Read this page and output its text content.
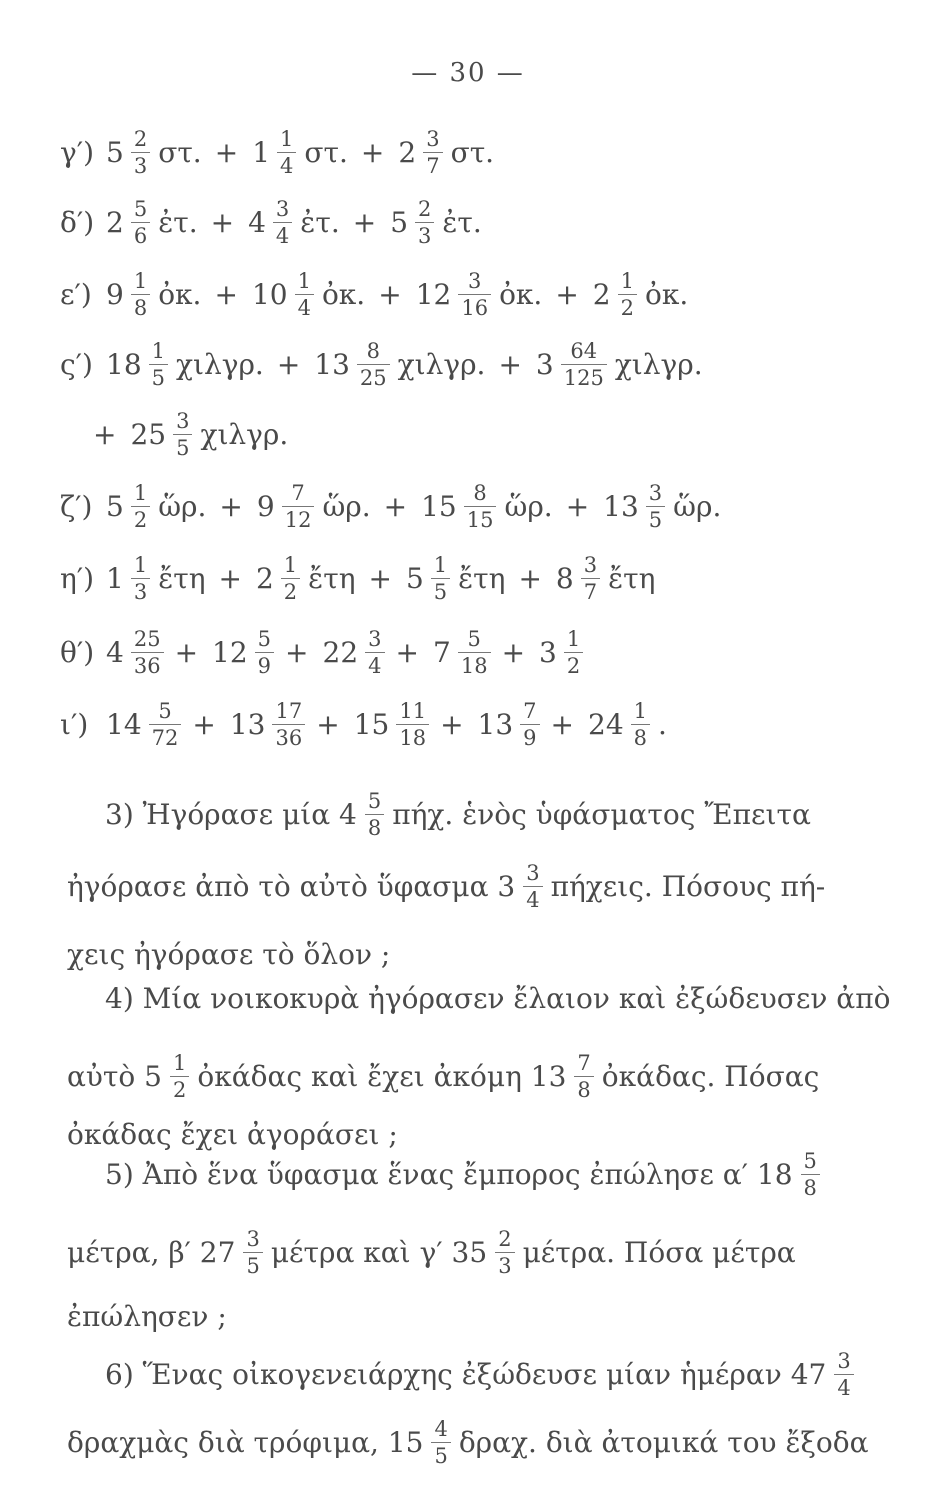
— 30 —
γ′) $5 \frac{2}{3} \sigma\tau$. + $1 \frac{1}{4} \sigma\tau$. + $2 \frac{3}{7} \sigma\tau$.
δ′) $2 \frac{5}{6}$ ἐτ. + $4 \frac{3}{4}$ ἐτ. + $5 \frac{2}{3}$ ἐτ.
ε′) $9 \frac{1}{8}$ ὀκ. + $10 \frac{1}{4}$ ὀκ. + $12 \frac{3}{16}$ ὀκ. + $2 \frac{1}{2}$ ὀκ.
ς′) $18 \frac{1}{5} \chi\iota\lambda\gamma\rho$. + $13 \frac{8}{25} \chi\iota\lambda\gamma\rho$. + $3 \frac{64}{125} \chi\iota\lambda\gamma\rho$.
+ $25 \frac{3}{5} \chi\iota\lambda\gamma\rho$.
ζ′) $5 \frac{1}{2}$ ὥρ. + $9 \frac{7}{12}$ ὥρ. + $15 \frac{8}{15}$ ὥρ. + $13 \frac{3}{5}$ ὥρ.
η′) $1 \frac{1}{3}$ ἔτη + $2 \frac{1}{2}$ ἔτη + $5 \frac{1}{5}$ ἔτη + $8 \frac{3}{7}$ ἔτη
θ′) $4 \frac{25}{36} + 12 \frac{5}{9} + 22 \frac{3}{4} + 7 \frac{5}{18} + 3 \frac{1}{2}$
ι′) $14 \frac{5}{72} + 13 \frac{17}{36} + 15 \frac{11}{18} + 13 \frac{7}{9} + 24 \frac{1}{8}$ .
3) Ἠγόρασε μία $4 \frac{5}{8} \pi ή\chi$. ἑνὸς ὑφάσματος Ἔπειτα
ἠγόρασε ἀπὸ τὸ αὐτὸ ὕφασμα $3 \frac{3}{4} \pi ή\chi\varepsilon\iota\varsigma$. Πόσους πή-
χεις ἠγόρασε τὸ ὅλον ;
4) Μία νοικοκυρὰ ἠγόρασεν ἔλαιον καὶ ἐξώδευσεν ἀπὸ
αὐτὸ $5 \frac{1}{2}$ ὀκάδας καὶ ἔχει ἀκόμη $13 \frac{7}{8}$ ὀκάδας. Πόσας
ὀκάδας ἔχει ἀγοράσει ;
5) Ἀπὸ ἕνα ὕφασμα ἕνας ἔμπορος ἐπώλησε α′ $18 \frac{5}{8}$
μέτρα, β′ $27 \frac{3}{5}$ μέτρα καὶ γ′ $35 \frac{2}{3} \mu έ\tau\rho\alpha$. Πόσα μέτρα
ἐπώλησεν ;
6) Ἕνας οἰκογενειάρχης ἐξώδευσε μίαν ἡμέραν $47 \frac{3}{4}$
δραχμὰς διὰ τρόφιμα, $15 \frac{4}{5} \delta\rho\alpha\chi$. διὰ ἀτομικά του ἔξοδα
